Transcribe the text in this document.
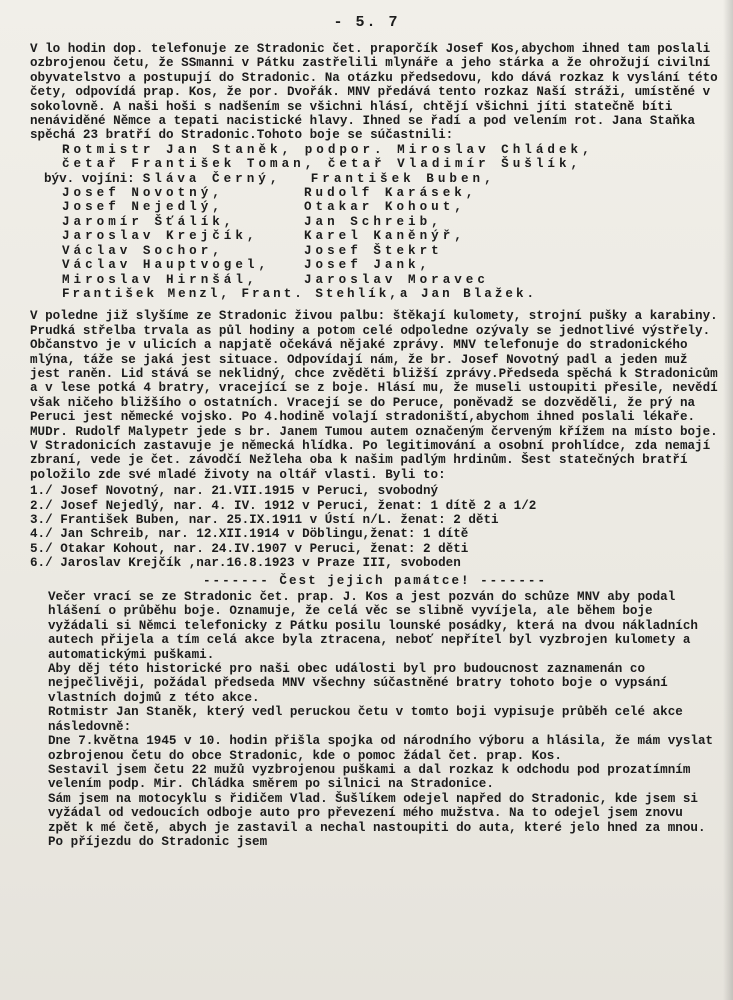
- 5. 7

V lo hodin dop. telefonuje ze Stradonic čet. praporčík Josef Kos,abychom ihned tam poslali ozbrojenou četu, že SSmanni v Pátku zastřelili mlynáře a jeho stárka a že ohrožují civilní obyvatelstvo a postupují do Stradonic. Na otázku předsedovu, kdo dává rozkaz k vyslání této čety, odpovídá prap. Kos, že por. Dvořák. MNV předává tento rozkaz Naší stráži, umístěné v sokolovně. A naši hoši s nadšením se všichni hlásí, chtějí všichni jíti statečně bíti nenáviděné Němce a tepati nacistické hlavy. Ihned se řadí a pod velením rot. Jana Staňka spěchá 23 bratří do Stradonic.Tohoto boje se súčastnili:

Rotmistr Jan Staněk, podpor. Miroslav Chládek,
četař František Toman, četař Vladimír Šušlík,
býv. vojíni: Sláva Černý,	František Buben,
Josef Novotný,	Rudolf Karásek,
Josef Nejedlý,	Otakar Kohout,
Jaromír Šťálík,	Jan Schreib,
Jaroslav Krejčík,	Karel Kaněnýř,
Václav Sochor,	Josef Štekrt
Václav Hauptvogel,	Josef Jank,
Miroslav Hirnšál,	Jaroslav Moravec
František Menzl, Frant. Stehlík,a Jan Blažek.

V poledne již slyšíme ze Stradonic živou palbu: štěkají kulomety, strojní pušky a karabiny. Prudká střelba trvala as půl hodiny a potom celé odpoledne ozývaly se jednotlivé výstřely. Občanstvo je v ulicích a napjatě očekává nějaké zprávy. MNV telefonuje do stradonického mlýna, táže se jaká jest situace. Odpovídají nám, že br. Josef Novotný padl a jeden muž jest raněn. Lid stává se neklidný, chce zvěděti bližší zprávy.Předseda spěchá k Stradonicům a v lese potká 4 bratry, vracející se z boje. Hlásí mu, že museli ustoupiti přesile, nevědí však ničeho bližšího o ostatních. Vracejí se do Peruce, poněvadž se dozvěděli, že prý na Peruci jest německé vojsko. Po 4.hodině volají stradoniští,abychom ihned poslali lékaře. MUDr. Rudolf Malypetr jede s br. Janem Tumou autem označeným červeným křížem na místo boje. V Stradonicích zastavuje je německá hlídka. Po legitimování a osobní prohlídce, zda nemají zbraní, vede je čet. závodčí Nežleha oba k našim padlým hrdinům. Šest statečných bratří položilo zde své mladé životy na oltář vlasti. Byli to:

1./ Josef Novotný, nar. 21.VII.1915 v Peruci, svobodný
2./ Josef Nejedlý, nar. 4. IV. 1912 v Peruci, ženat: 1 dítě 2 a 1/2
3./ František Buben, nar. 25.IX.1911 v Ústí n/L. ženat: 2 děti
4./ Jan Schreib, nar. 12.XII.1914 v Döblingu,ženat: 1 dítě
5./ Otakar Kohout, nar. 24.IV.1907 v Peruci, ženat: 2 děti
6./ Jaroslav Krejčík ,nar.16.8.1923 v Praze III, svoboden
------- Čest jejich památce! -------

Večer vrací se ze Stradonic čet. prap. J. Kos a jest pozván do schůze MNV aby podal hlášení o průběhu boje. Oznamuje, že celá věc se slibně vyvíjela, ale během boje vyžádali si Němci telefonicky z Pátku posilu lounské posádky, která na dvou nákladních autech přijela a tím celá akce byla ztracena, neboť nepřítel byl vyzbrojen kulomety a automatickými puškami.

Aby děj této historické pro naši obec události byl pro budoucnost zaznamenán co nejpečlivěji, požádal předseda MNV všechny súčastněné bratry tohoto boje o vypsání vlastních dojmů z této akce.

Rotmistr Jan Staněk, který vedl peruckou četu v tomto boji vypisuje průběh celé akce následovně:

Dne 7.května 1945 v 10. hodin přišla spojka od národního výboru a hlásila, že mám vyslat ozbrojenou četu do obce Stradonic, kde o pomoc žádal čet. prap. Kos.

Sestavil jsem četu 22 mužů vyzbrojenou puškami a dal rozkaz k odchodu pod prozatímním velením podp. Mir. Chládka směrem po silnici na Stradonice.

Sám jsem na motocyklu s řidičem Vlad. Šušlíkem odejel napřed do Stradonic, kde jsem si vyžádal od vedoucích odboje auto pro převezení mého mužstva. Na to odejel jsem znovu zpět k mé četě, abych je zastavil a nechal nastoupiti do auta, které jelo hned za mnou. Po příjezdu do Stradonic jsem
